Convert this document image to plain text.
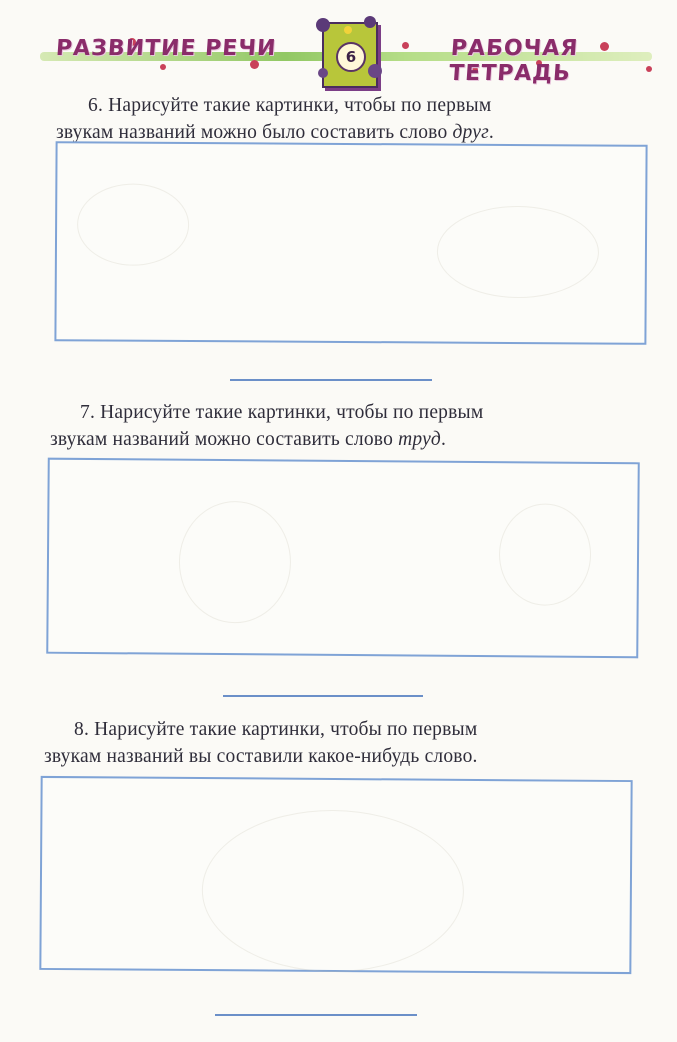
РАЗВИТИЕ РЕЧИ	РАБОЧАЯ ТЕТРАДЬ
6
6. Нарисуйте такие картинки, чтобы по первым
звукам названий можно было составить слово друг.
7. Нарисуйте такие картинки, чтобы по первым
звукам названий можно составить слово труд.
8. Нарисуйте такие картинки, чтобы по первым
звукам названий вы составили какое-нибудь слово.
